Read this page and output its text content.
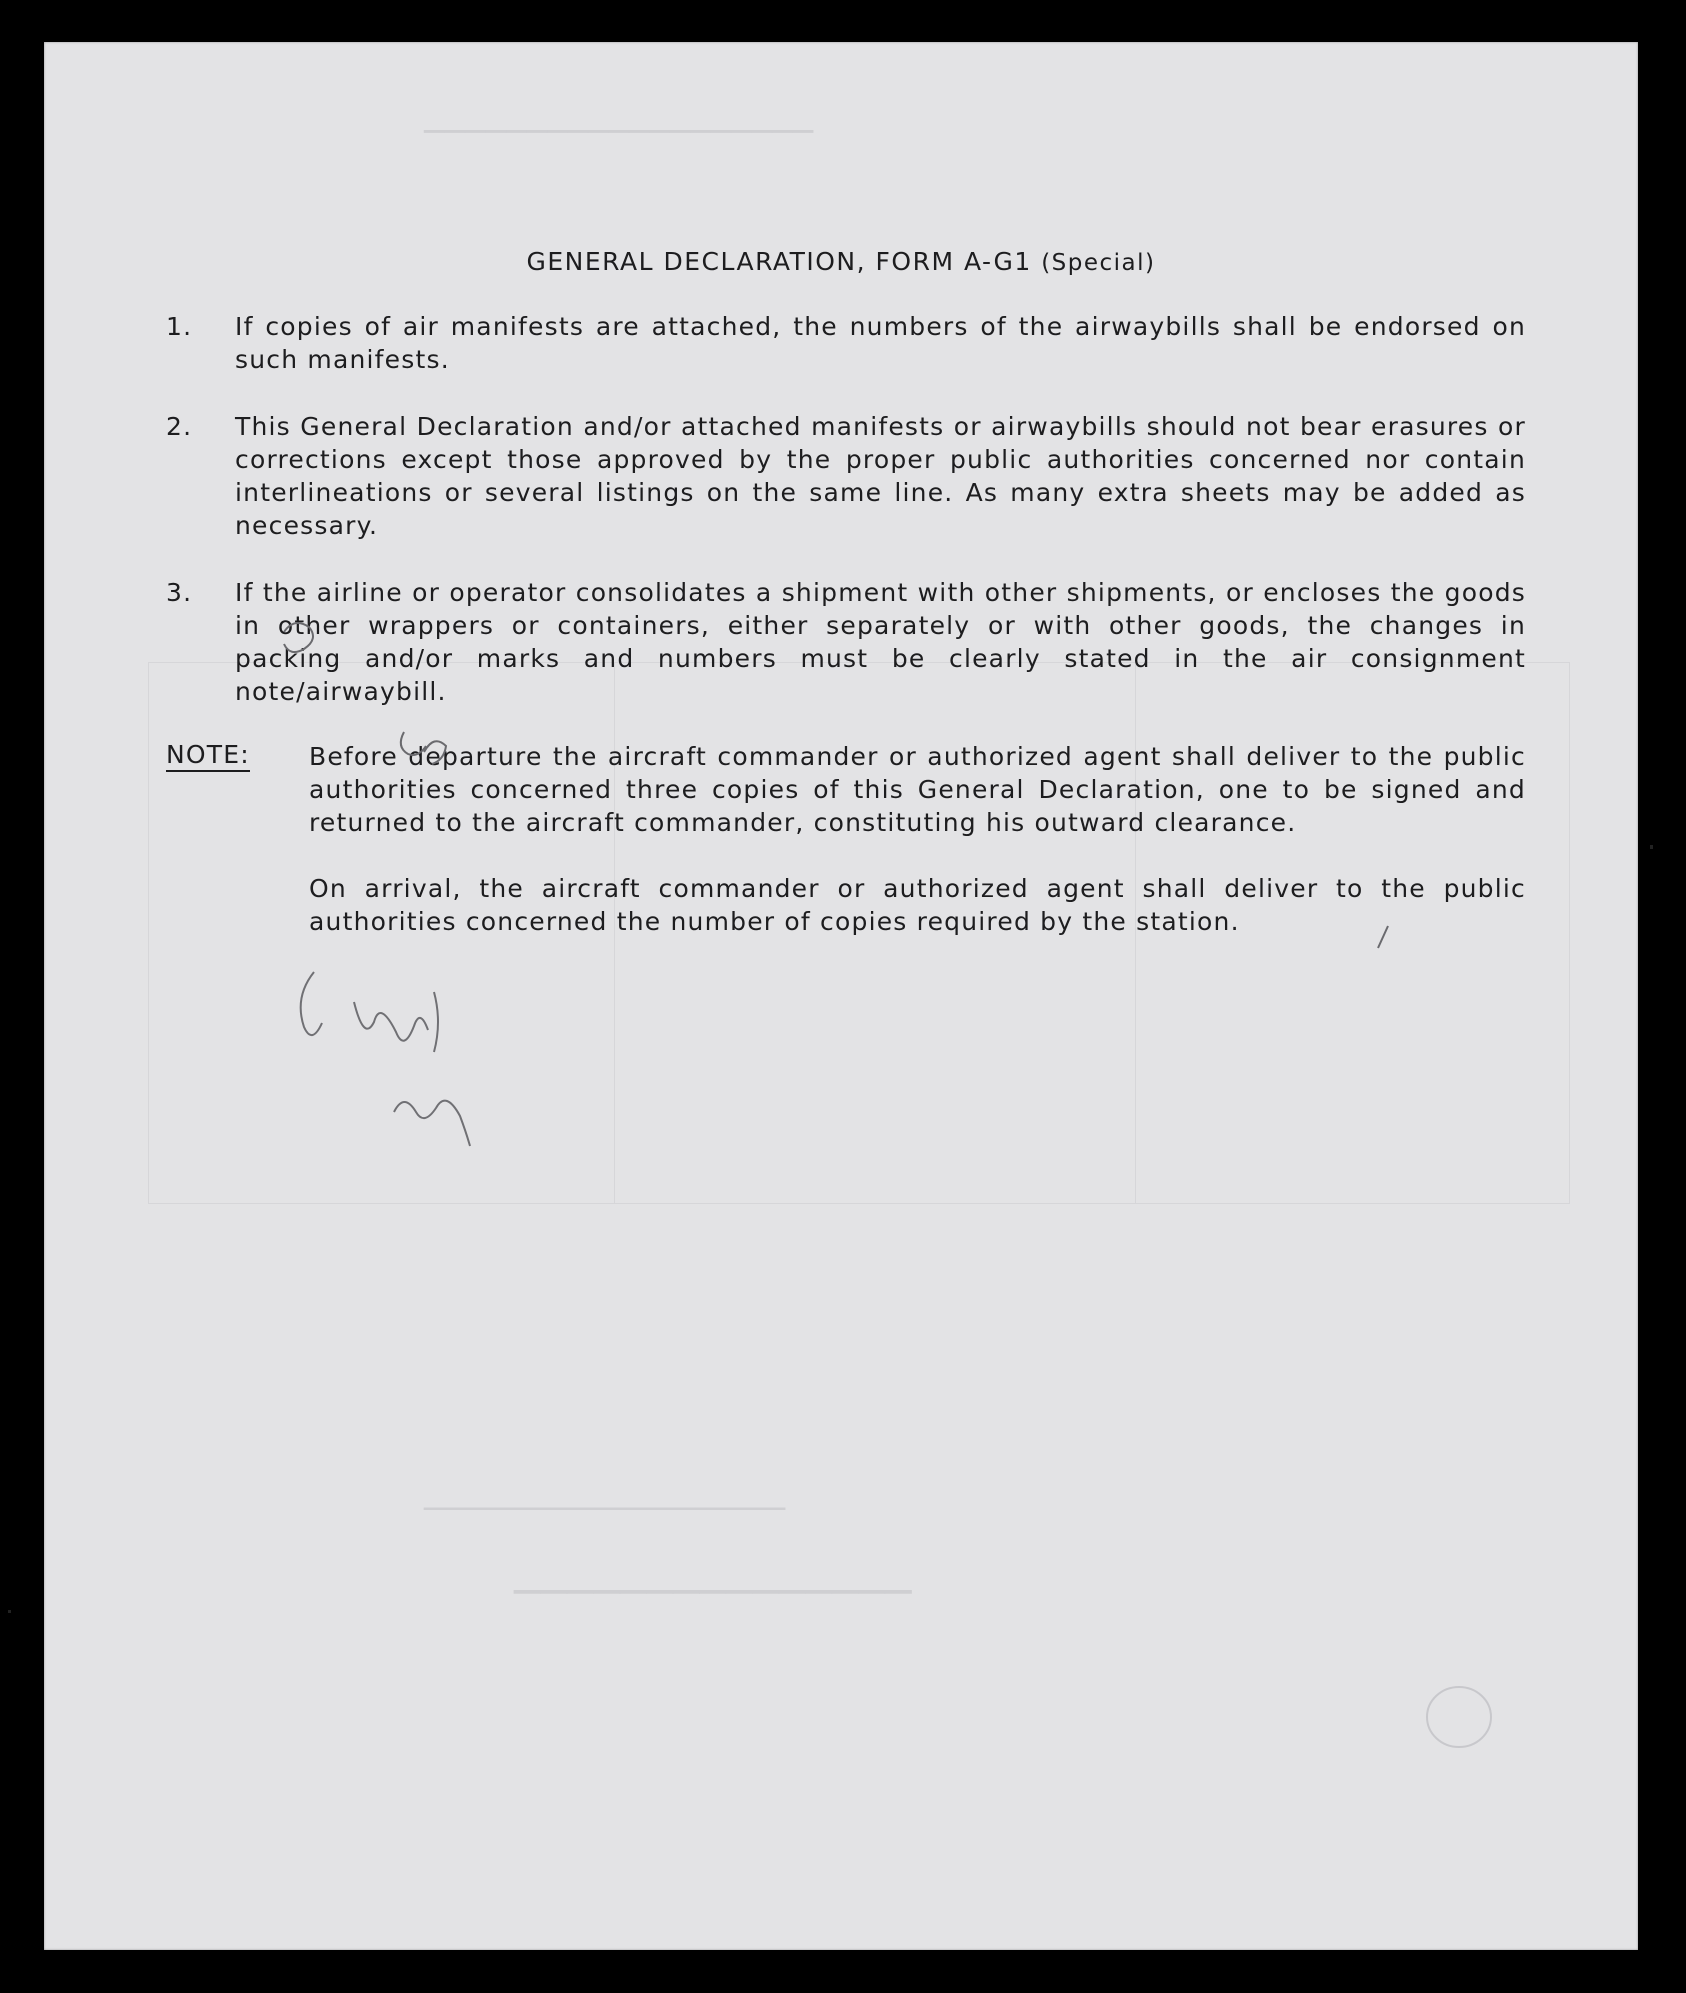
───────────────────
────────────────────
───────────────
GENERAL DECLARATION, FORM A-G1 (Special)
1. If copies of air manifests are attached, the numbers of the airwaybills shall be endorsed on such manifests.
2. This General Declaration and/or attached manifests or airwaybills should not bear erasures or corrections except those approved by the proper public authorities concerned nor contain interlineations or several listings on the same line. As many extra sheets may be added as necessary.
3. If the airline or operator consolidates a shipment with other shipments, or encloses the goods in other wrappers or containers, either separately or with other goods, the changes in packing and/or marks and numbers must be clearly stated in the air consignment note/airwaybill.
NOTE: Before departure the aircraft commander or authorized agent shall deliver to the public authorities concerned three copies of this General Declaration, one to be signed and returned to the aircraft commander, constituting his outward clearance.
On arrival, the aircraft commander or authorized agent shall deliver to the public authorities concerned the number of copies required by the station.
